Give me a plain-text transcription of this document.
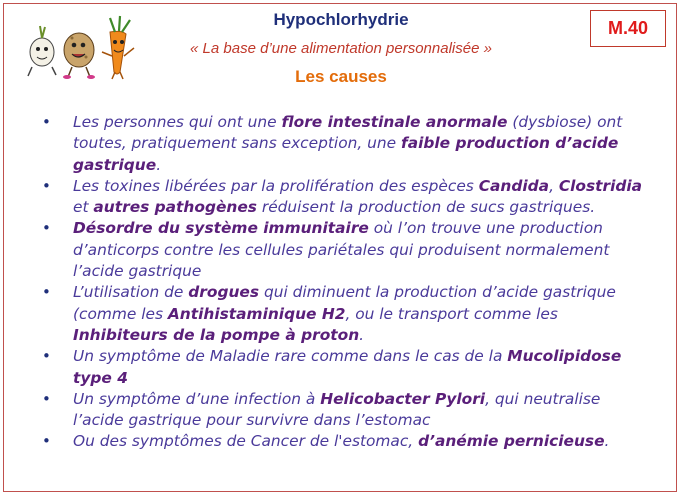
Hypochlorhydrie
« La base d’une alimentation personnalisée »
Les causes
M.40
• Les personnes qui ont une flore intestinale anormale (dysbiose) ont toutes, pratiquement sans exception, une faible production d’acide gastrique.
• Les toxines libérées par la prolifération des espèces Candida, Clostridia et autres pathogènes réduisent la production de sucs gastriques.
• Désordre du système immunitaire où l’on trouve une production d’anticorps contre les cellules pariétales qui produisent normalement l’acide gastrique
• L’utilisation de drogues qui diminuent la production d’acide gastrique (comme les Antihistaminique H2, ou le transport comme les Inhibiteurs de la pompe à proton.
• Un symptôme de Maladie rare comme dans le cas de la Mucolipidose type 4
• Un symptôme d’une infection à Helicobacter Pylori, qui neutralise l’acide gastrique pour survivre dans l’estomac
• Ou des symptômes de Cancer de l'estomac, d’anémie pernicieuse.
